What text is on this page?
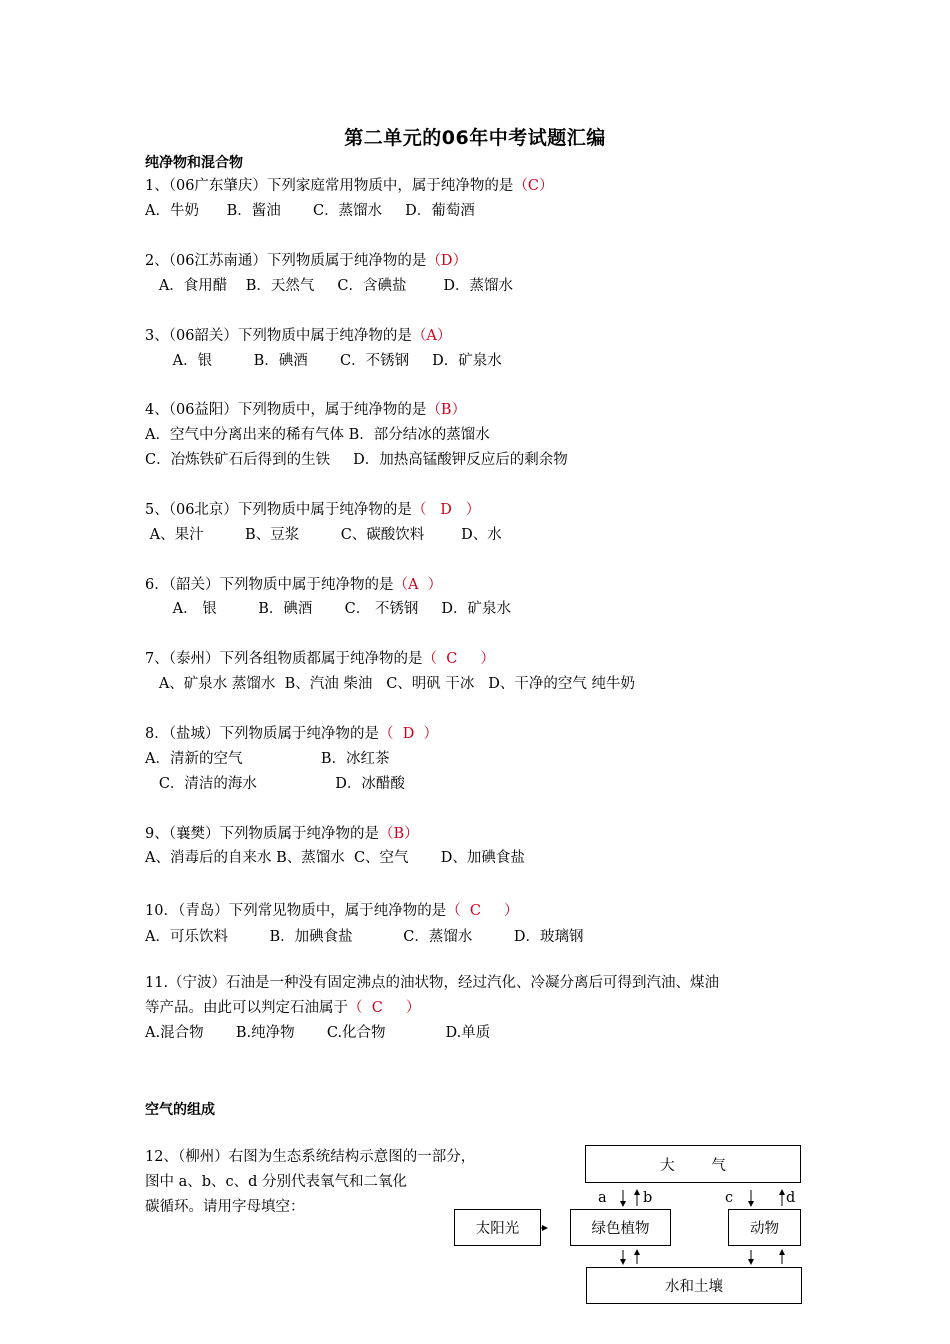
第二单元的06年中考试题汇编
纯净物和混合物
1、（06广东肇庆）下列家庭常用物质中，属于纯净物的是（C）
A．牛奶      B．酱油       C．蒸馏水     D．葡萄酒
2、（06江苏南通）下列物质属于纯净物的是（D）
A．食用醋    B．天然气     C．含碘盐        D．蒸馏水
3、（06韶关）下列物质中属于纯净物的是（A）
A．银         B．碘酒       C．不锈钢     D．矿泉水
4、（06益阳）下列物质中，属于纯净物的是（B）
A．空气中分离出来的稀有气体 B．部分结冰的蒸馏水
C．冶炼铁矿石后得到的生铁     D．加热高锰酸钾反应后的剩余物
5、（06北京）下列物质中属于纯净物的是（   D   ）
A、果汁         B、豆浆         C、碳酸饮料        D、水
6．（韶关）下列物质中属于纯净物的是（A  ）
A． 银         B．碘酒       C． 不锈钢     D．矿泉水
7、（泰州）下列各组物质都属于纯净物的是（  C     ）
A、矿泉水 蒸馏水  B、汽油 柴油   C、明矾 干冰   D、干净的空气 纯牛奶
8．（盐城）下列物质属于纯净物的是（  D  ）
A．清新的空气                 B．冰红茶
C．清洁的海水                 D．冰醋酸
9、（襄樊）下列物质属于纯净物的是（B）
A、消毒后的自来水 B、蒸馏水  C、空气       D、加碘食盐
10．（青岛）下列常见物质中，属于纯净物的是（  C     ）
A．可乐饮料         B．加碘食盐           C．蒸馏水         D．玻璃钢
11.（宁波）石油是一种没有固定沸点的油状物，经过汽化、冷凝分离后可得到汽油、煤油
等产品。由此可以判定石油属于（  C     ）
A.混合物       B.纯净物       C.化合物             D.单质
空气的组成
12、（柳州）右图为生态系统结构示意图的一部分，
图中 a、b、c、d 分别代表氧气和二氧化
碳循环。请用字母填空：
大        气
太阳光	绿色植物	动物
水和土壤
a	b	c	d
